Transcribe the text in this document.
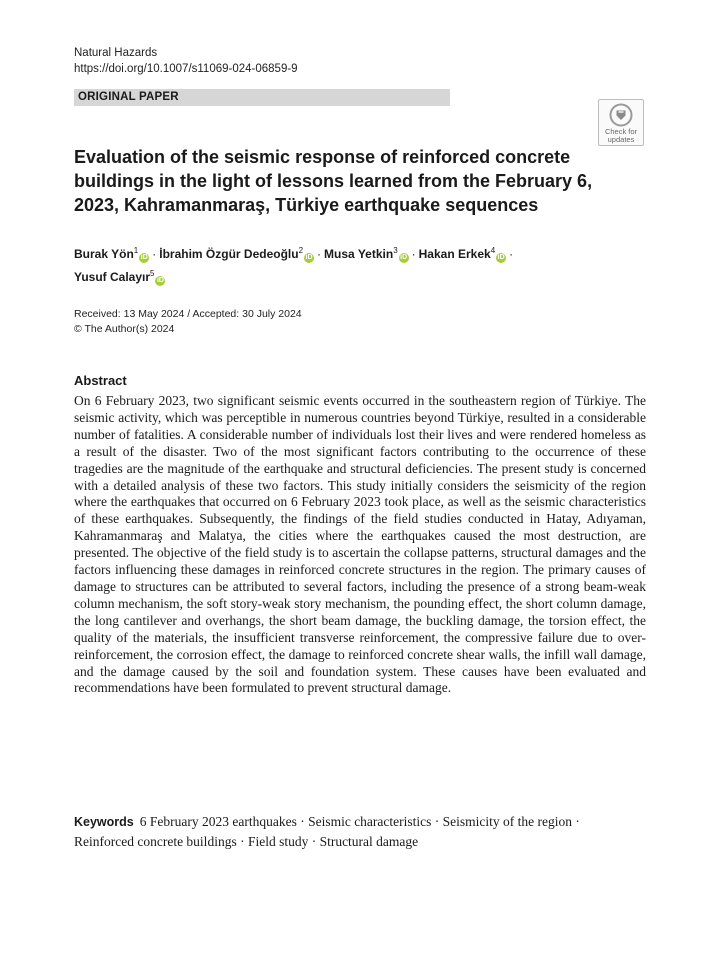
Natural Hazards
https://doi.org/10.1007/s11069-024-06859-9
ORIGINAL PAPER
Check for
updates
Evaluation of the seismic response of reinforced concrete buildings in the light of lessons learned from the February 6, 2023, Kahramanmaraş, Türkiye earthquake sequences
Burak Yön$^1$iD · İbrahim Özgür Dedeoğlu$^2$iD · Musa Yetkin$^3$iD · Hakan Erkek$^4$iD ·
Yusuf Calayır$^5$iD
Received: 13 May 2024 / Accepted: 30 July 2024
© The Author(s) 2024
Abstract

On 6 February 2023, two significant seismic events occurred in the southeastern region of Türkiye. The seismic activity, which was perceptible in numerous countries beyond Türkiye, resulted in a considerable number of fatalities. A considerable number of individuals lost their lives and were rendered homeless as a result of the disaster. Two of the most significant factors contributing to the occurrence of these tragedies are the magnitude of the earthquake and structural deficiencies. The present study is concerned with a detailed analysis of these two factors. This study initially considers the seismicity of the region where the earthquakes that occurred on 6 February 2023 took place, as well as the seismic characteristics of these earthquakes. Subsequently, the findings of the field studies conducted in Hatay, Adıyaman, Kahramanmaraş and Malatya, the cities where the earthquakes caused the most destruction, are presented. The objective of the field study is to ascertain the collapse patterns, structural damages and the factors influencing these damages in reinforced concrete structures in the region. The primary causes of damage to structures can be attributed to several factors, including the presence of a strong beam-weak column mechanism, the soft story-weak story mechanism, the pounding effect, the short column damage, the long cantilever and overhangs, the short beam damage, the buckling damage, the torsion effect, the quality of the materials, the insufficient transverse reinforcement, the compressive failure due to over-reinforcement, the corrosion effect, the damage to reinforced concrete shear walls, the infill wall damage, and the damage caused by the soil and foundation system. These causes have been evaluated and recommendations have been formulated to prevent structural damage.

Keywords 6 February 2023 earthquakes · Seismic characteristics · Seismicity of the region · Reinforced concrete buildings · Field study · Structural damage
